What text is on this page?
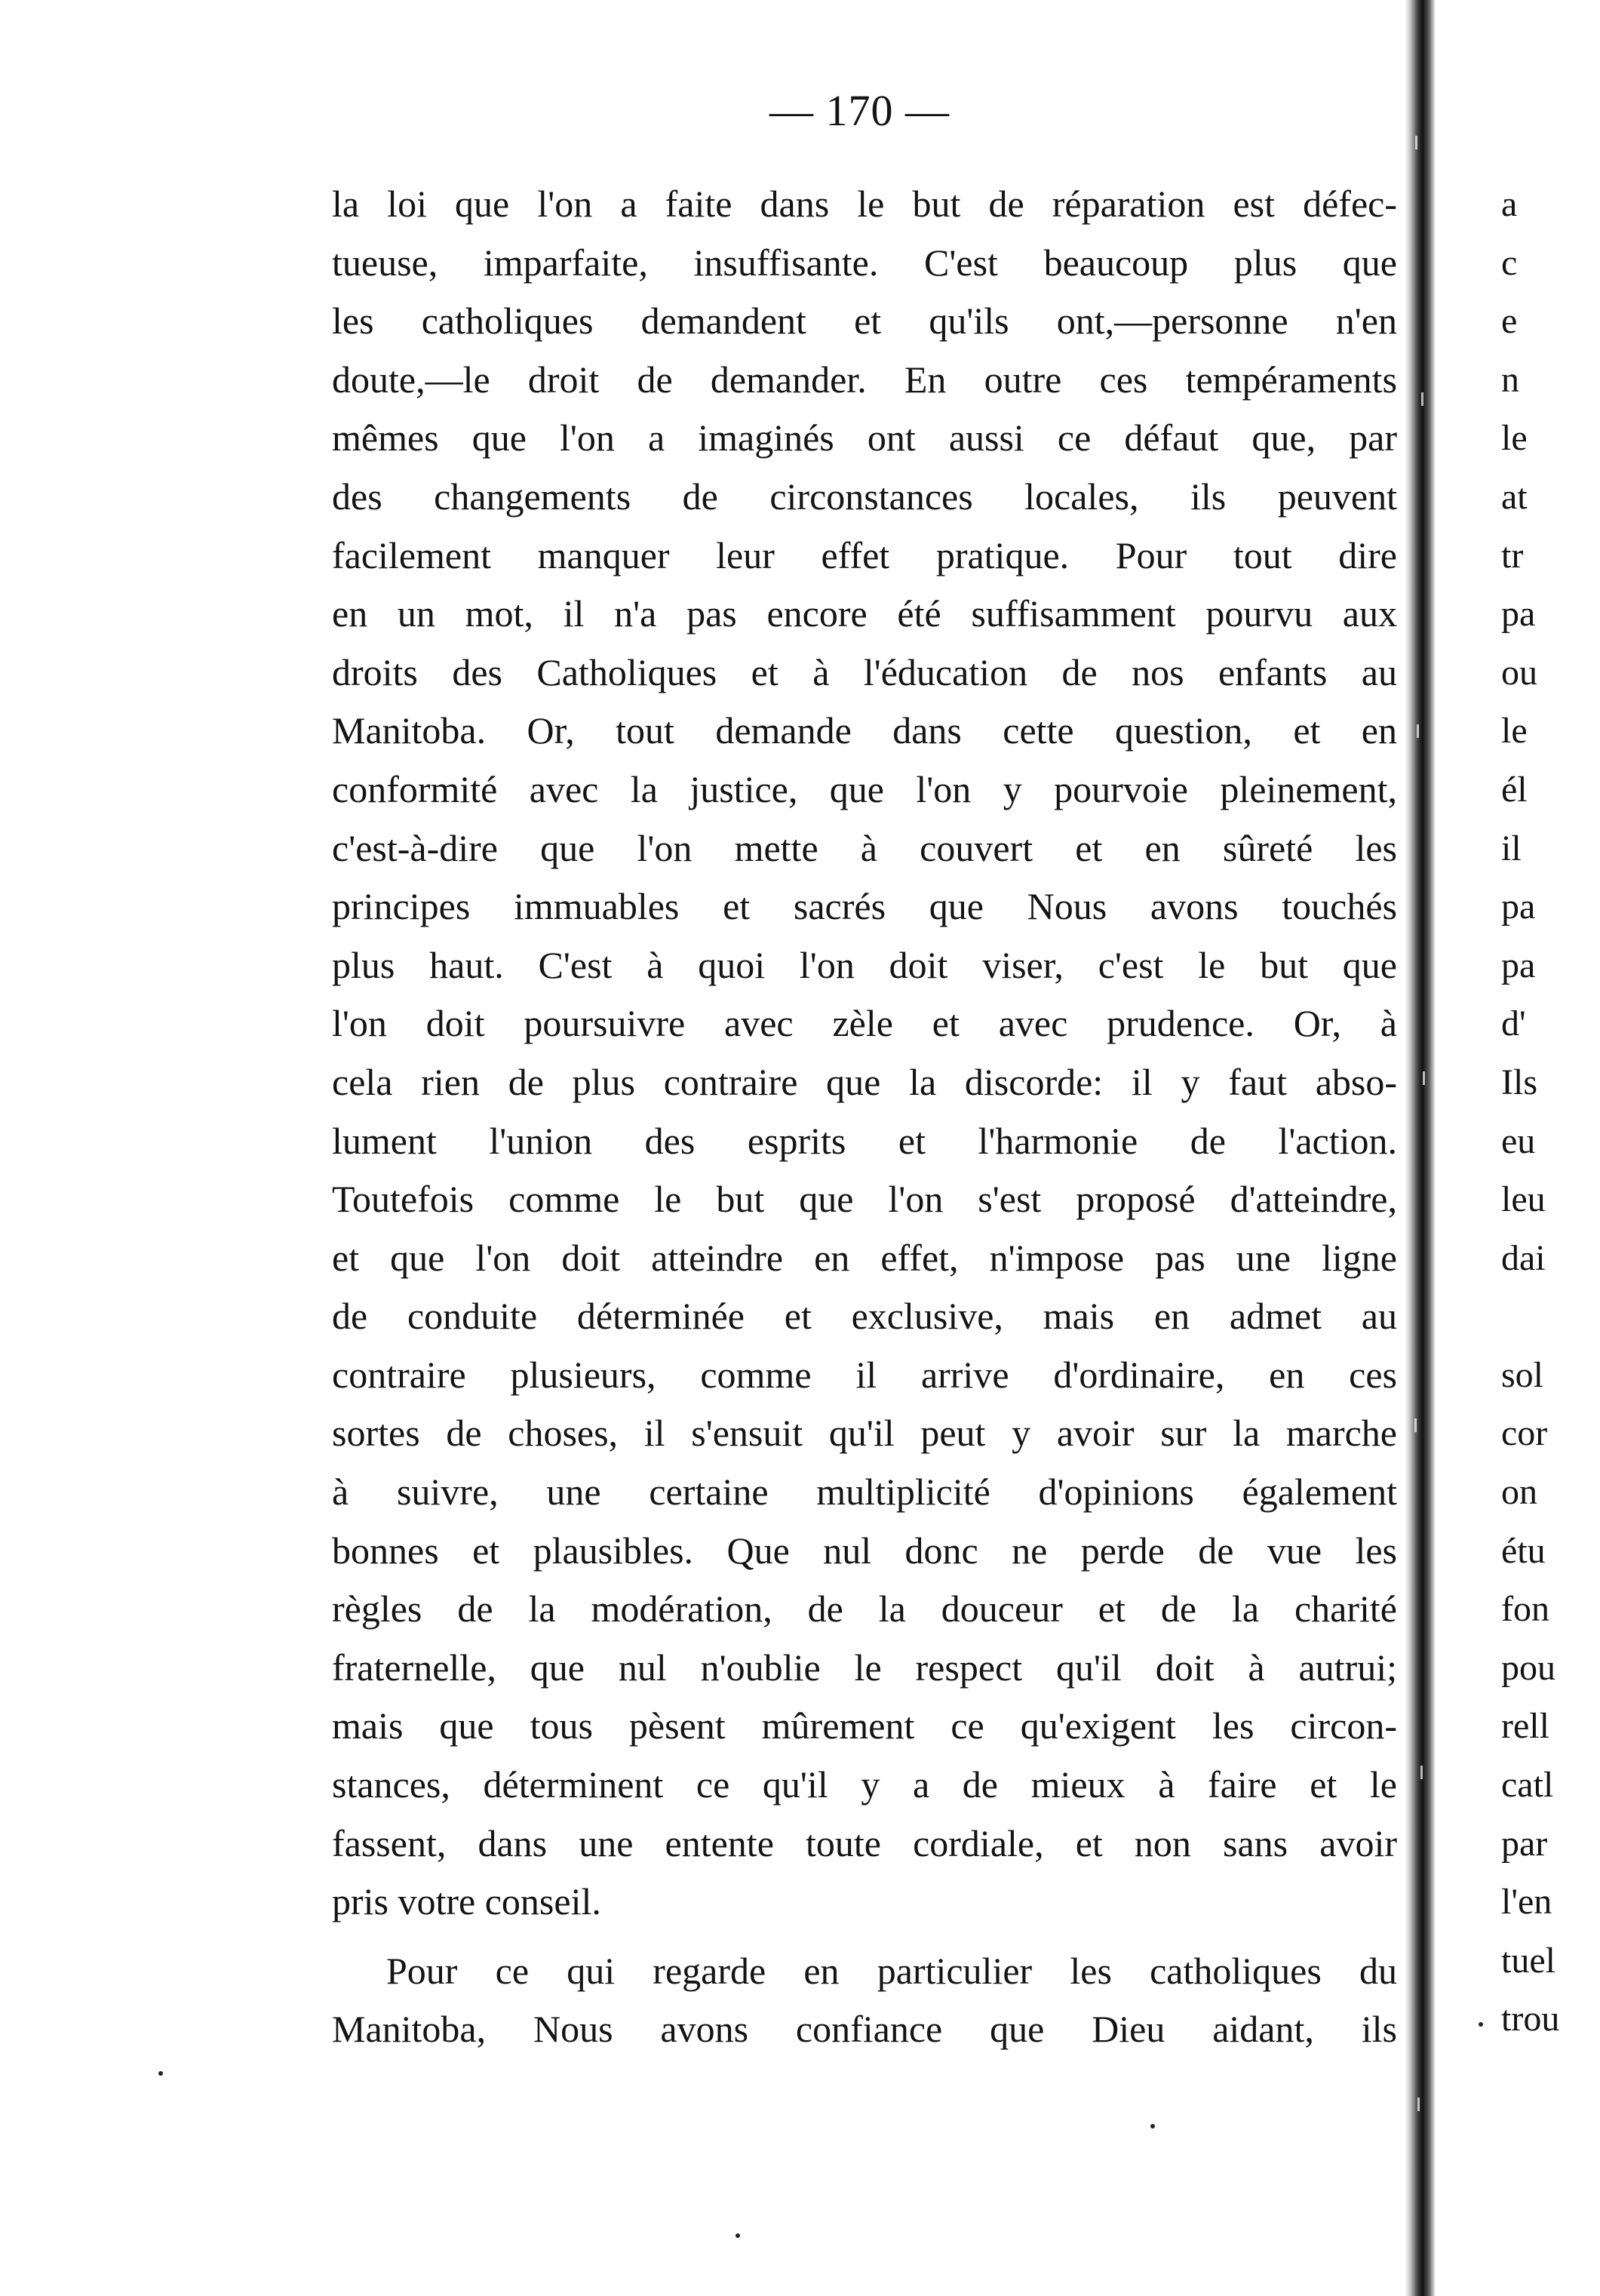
— 170 —
la loi que l'on a faite dans le but de réparation est défec-
tueuse, imparfaite, insuffisante. C'est beaucoup plus que
les catholiques demandent et qu'ils ont,—personne n'en
doute,—le droit de demander. En outre ces tempéraments
mêmes que l'on a imaginés ont aussi ce défaut que, par
des changements de circonstances locales, ils peuvent
facilement manquer leur effet pratique. Pour tout dire
en un mot, il n'a pas encore été suffisamment pourvu aux
droits des Catholiques et à l'éducation de nos enfants au
Manitoba. Or, tout demande dans cette question, et en
conformité avec la justice, que l'on y pourvoie pleinement,
c'est-à-dire que l'on mette à couvert et en sûreté les
principes immuables et sacrés que Nous avons touchés
plus haut. C'est à quoi l'on doit viser, c'est le but que
l'on doit poursuivre avec zèle et avec prudence. Or, à
cela rien de plus contraire que la discorde: il y faut abso-
lument l'union des esprits et l'harmonie de l'action.
Toutefois comme le but que l'on s'est proposé d'atteindre,
et que l'on doit atteindre en effet, n'impose pas une ligne
de conduite déterminée et exclusive, mais en admet au
contraire plusieurs, comme il arrive d'ordinaire, en ces
sortes de choses, il s'ensuit qu'il peut y avoir sur la marche
à suivre, une certaine multiplicité d'opinions également
bonnes et plausibles. Que nul donc ne perde de vue les
règles de la modération, de la douceur et de la charité
fraternelle, que nul n'oublie le respect qu'il doit à autrui;
mais que tous pèsent mûrement ce qu'exigent les circon-
stances, déterminent ce qu'il y a de mieux à faire et le
fassent, dans une entente toute cordiale, et non sans avoir
pris votre conseil.
Pour ce qui regarde en particulier les catholiques du
Manitoba, Nous avons confiance que Dieu aidant, ils
a
c
e
n
le
at
tr
pa
ou
le
él
il
pa
pa
d'
Ils
eu
leu
dai
sol
cor
on
étu
fon
pou
rell
catl
par
l'en
tuel
trou
